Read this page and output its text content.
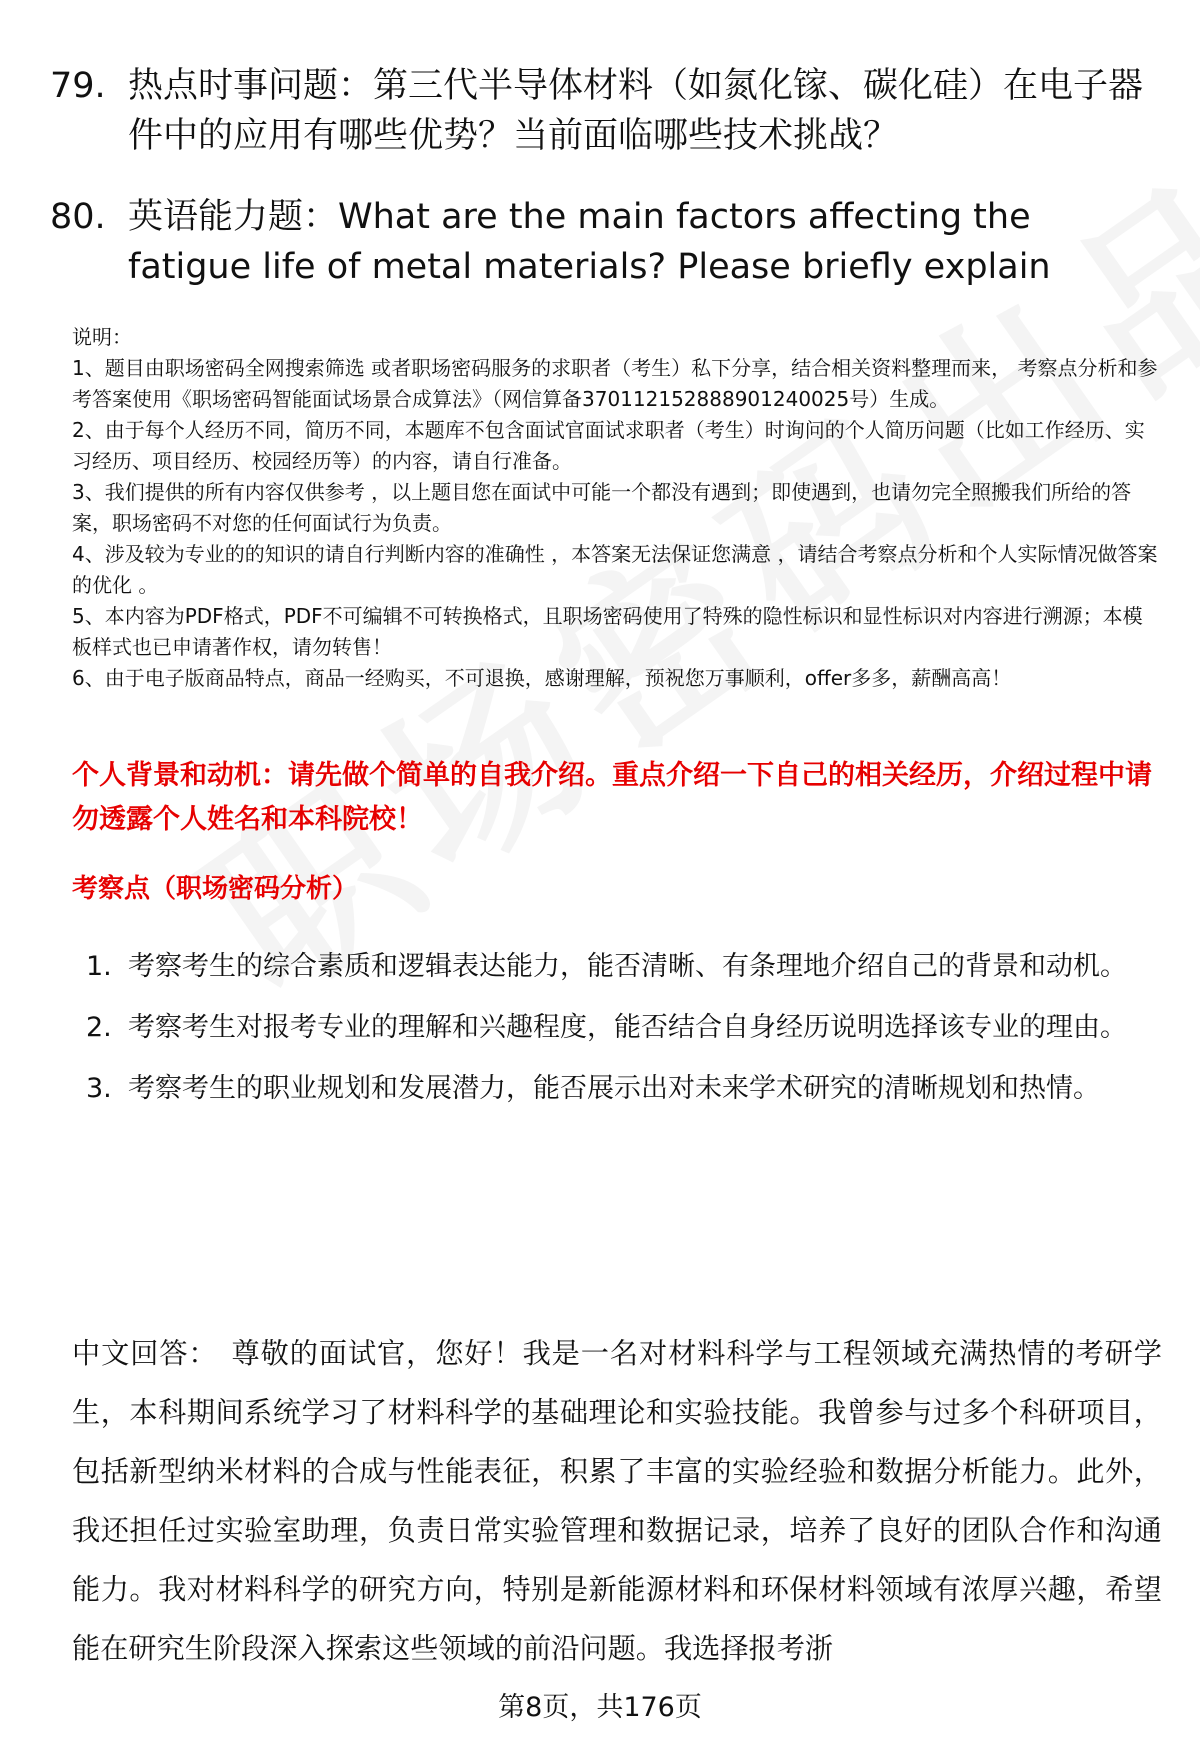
79. 热点时事问题：第三代半导体材料（如氮化镓、碳化硅）在电子器件中的应用有哪些优势？当前面临哪些技术挑战？
80. 英语能力题：What are the main factors affecting the fatigue life of metal materials? Please briefly explain

说明：

1、题目由职场密码全网搜索筛选 或者职场密码服务的求职者（考生）私下分享，结合相关资料整理而来， 考察点分析和参考答案使用《职场密码智能面试场景合成算法》（网信算备370112152888901240025号）生成。

2、由于每个人经历不同，简历不同，本题库不包含面试官面试求职者（考生）时询问的个人简历问题（比如工作经历、实习经历、项目经历、校园经历等）的内容，请自行准备。

3、我们提供的所有内容仅供参考 ，以上题目您在面试中可能一个都没有遇到；即使遇到，也请勿完全照搬我们所给的答案，职场密码不对您的任何面试行为负责。

4、涉及较为专业的的知识的请自行判断内容的准确性 ，本答案无法保证您满意 ，请结合考察点分析和个人实际情况做答案的优化 。

5、本内容为PDF格式，PDF不可编辑不可转换格式，且职场密码使用了特殊的隐性标识和显性标识对内容进行溯源；本模板样式也已申请著作权，请勿转售！

6、由于电子版商品特点，商品一经购买，不可退换，感谢理解，预祝您万事顺利，offer多多，薪酬高高！

个人背景和动机：请先做个简单的自我介绍。重点介绍一下自己的相关经历，介绍过程中请勿透露个人姓名和本科院校！
考察点（职场密码分析）
1. 考察考生的综合素质和逻辑表达能力，能否清晰、有条理地介绍自己的背景和动机。
2. 考察考生对报考专业的理解和兴趣程度，能否结合自身经历说明选择该专业的理由。
3. 考察考生的职业规划和发展潜力，能否展示出对未来学术研究的清晰规划和热情。
中文回答： 尊敬的面试官，您好！我是一名对材料科学与工程领域充满热情的考研学生，本科期间系统学习了材料科学的基础理论和实验技能。我曾参与过多个科研项目，包括新型纳米材料的合成与性能表征，积累了丰富的实验经验和数据分析能力。此外，我还担任过实验室助理，负责日常实验管理和数据记录，培养了良好的团队合作和沟通能力。我对材料科学的研究方向，特别是新能源材料和环保材料领域有浓厚兴趣，希望能在研究生阶段深入探索这些领域的前沿问题。我选择报考浙
第8页，共176页
